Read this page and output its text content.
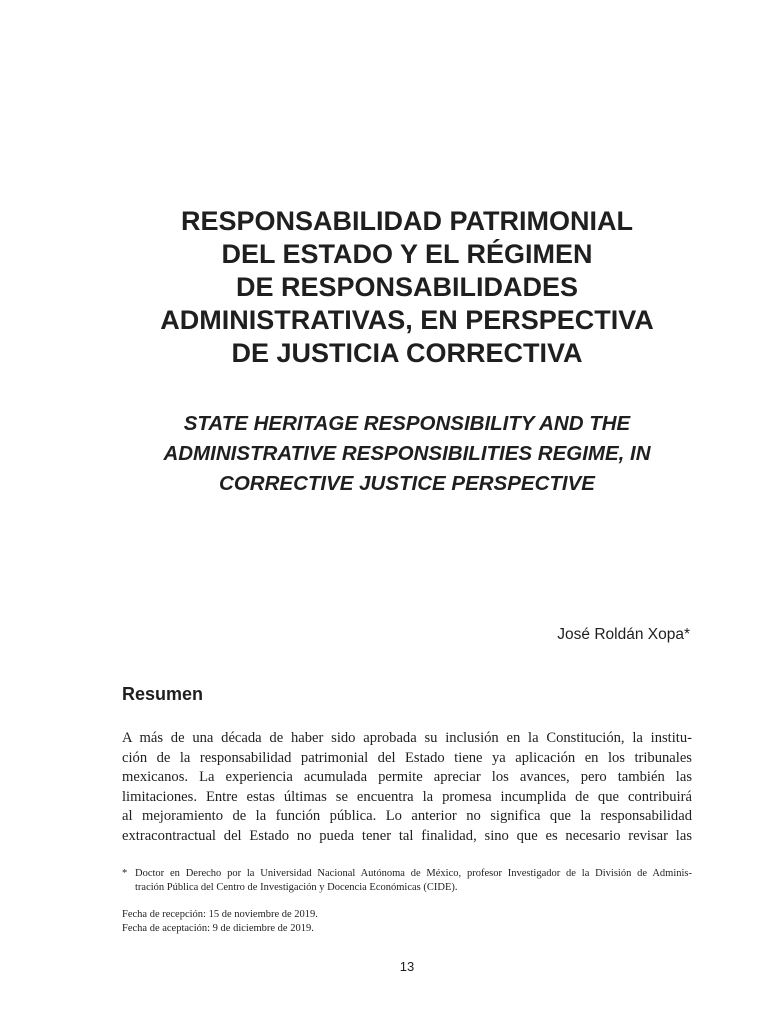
RESPONSABILIDAD PATRIMONIAL
DEL ESTADO Y EL RÉGIMEN
DE RESPONSABILIDADES
ADMINISTRATIVAS, EN PERSPECTIVA
DE JUSTICIA CORRECTIVA
STATE HERITAGE RESPONSIBILITY AND THE
ADMINISTRATIVE RESPONSIBILITIES REGIME, IN
CORRECTIVE JUSTICE PERSPECTIVE
José Roldán Xopa*
Resumen
A más de una década de haber sido aprobada su inclusión en la Constitución, la institu-
ción de la responsabilidad patrimonial del Estado tiene ya aplicación en los tribunales
mexicanos. La experiencia acumulada permite apreciar los avances, pero también las
limitaciones. Entre estas últimas se encuentra la promesa incumplida de que contribuirá
al mejoramiento de la función pública. Lo anterior no significa que la responsabilidad
extracontractual del Estado no pueda tener tal finalidad, sino que es necesario revisar las
* Doctor en Derecho por la Universidad Nacional Autónoma de México, profesor Investigador de la División de Adminis-
tración Pública del Centro de Investigación y Docencia Económicas (CIDE).
Fecha de recepción: 15 de noviembre de 2019.
Fecha de aceptación: 9 de diciembre de 2019.
13
